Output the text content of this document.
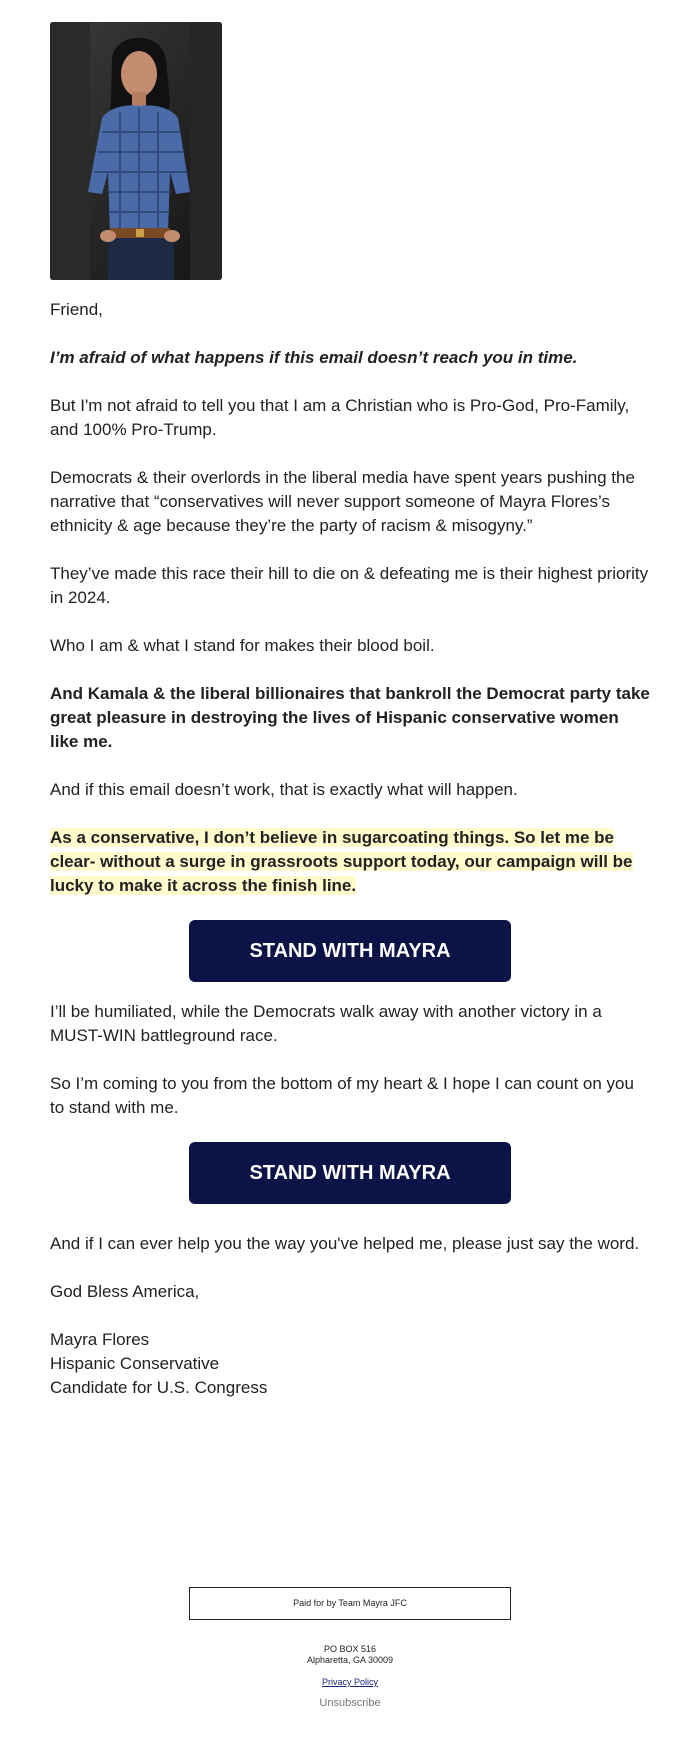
Friend,

I’m afraid of what happens if this email doesn’t reach you in time.

But I'm not afraid to tell you that I am a Christian who is Pro-God, Pro-Family, and 100% Pro-Trump.

Democrats & their overlords in the liberal media have spent years pushing the narrative that “conservatives will never support someone of Mayra Flores’s ethnicity & age because they’re the party of racism & misogyny.”

They’ve made this race their hill to die on & defeating me is their highest priority in 2024.

Who I am & what I stand for makes their blood boil.

And Kamala & the liberal billionaires that bankroll the Democrat party take great pleasure in destroying the lives of Hispanic conservative women like me.

And if this email doesn’t work, that is exactly what will happen.

As a conservative, I don’t believe in sugarcoating things. So let me be clear- without a surge in grassroots support today, our campaign will be lucky to make it across the finish line.

STAND WITH MAYRA

I’ll be humiliated, while the Democrats walk away with another victory in a MUST-WIN battleground race.

So I’m coming to you from the bottom of my heart & I hope I can count on you to stand with me.

STAND WITH MAYRA

And if I can ever help you the way you've helped me, please just say the word.

God Bless America,

Mayra Flores

Hispanic Conservative

Candidate for U.S. Congress

Paid for by Team Mayra JFC
PO BOX 516
Alpharetta, GA 30009
Privacy Policy
Unsubscribe
